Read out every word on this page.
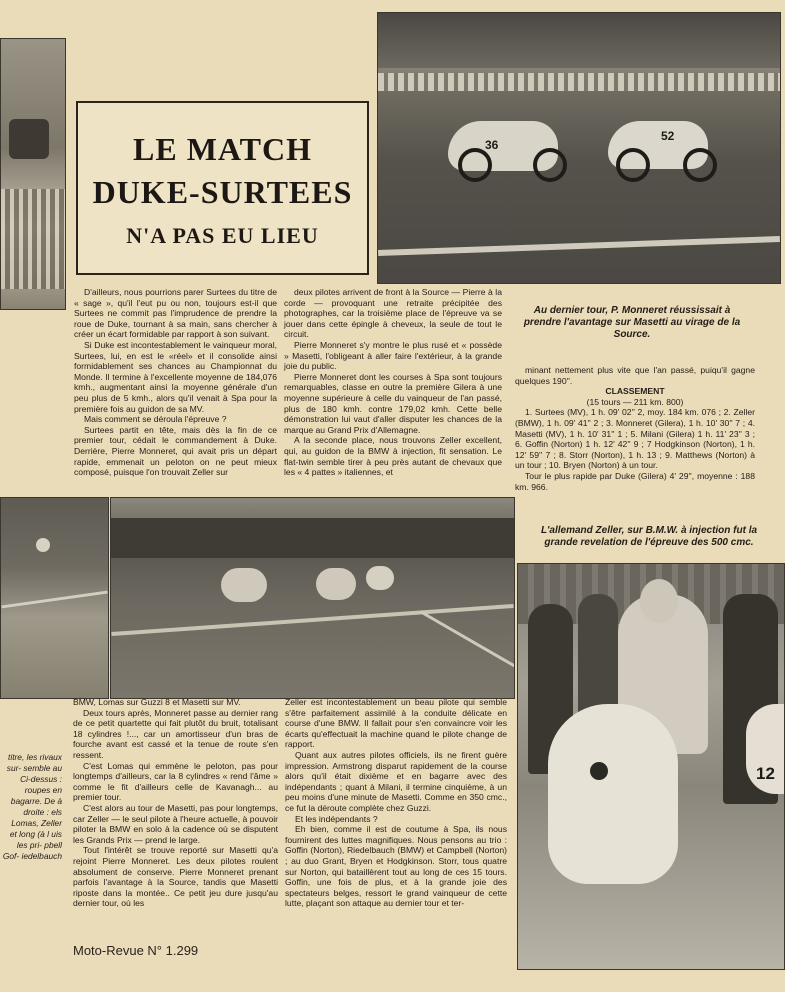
LE MATCH
DUKE-SURTEES
N'A PAS EU LIEU
36
52

D'ailleurs, nous pourrions parer Surtees du titre de « sage », qu'il l'eut pu ou non, toujours est-il que Surtees ne commit pas l'imprudence de prendre la roue de Duke, tournant à sa main, sans chercher à créer un écart formidable par rapport à son suivant.

Si Duke est incontestablement le vainqueur moral, Surtees, lui, en est le «réel» et il consolide ainsi formidablement ses chances au Championnat du Monde. Il termine à l'excellente moyenne de 184,076 kmh., augmentant ainsi la moyenne générale d'un peu plus de 5 kmh., alors qu'il venait à Spa pour la première fois au guidon de sa MV.

Mais comment se déroula l'épreuve ?

Surtees partit en tête, mais dès la fin de ce premier tour, cédait le commandement à Duke. Derrière, Pierre Monneret, qui avait pris un départ rapide, emmenait un peloton on ne peut mieux composé, puisque l'on trouvait Zeller sur

deux pilotes arrivent de front à la Source — Pierre à la corde — provoquant une retraite précipitée des photographes, car la troisième place de l'épreuve va se jouer dans cette épingle à cheveux, la seule de tout le circuit.

Pierre Monneret s'y montre le plus rusé et « possède » Masetti, l'obligeant à aller faire l'extérieur, à la grande joie du public.

Pierre Monneret dont les courses à Spa sont toujours remarquables, classe en outre la première Gilera à une moyenne supérieure à celle du vainqueur de l'an passé, plus de 180 kmh. contre 179,02 kmh. Cette belle démonstration lui vaut d'aller disputer les chances de la marque au Grand Prix d'Allemagne.

A la seconde place, nous trouvons Zeller excellent, qui, au guidon de la BMW à injection, fit sensation. Le flat-twin semble tirer à peu près autant de chevaux que les « 4 pattes » italiennes, et

Au dernier tour, P. Monneret réussissait à prendre l'avantage sur Masetti au virage de la Source.

minant nettement plus vite que l'an passé, puiqu'il gagne quelques 190''.

CLASSEMENT

(15 tours — 211 km. 800)

1. Surtees (MV), 1 h. 09' 02'' 2, moy. 184 km. 076 ; 2. Zeller (BMW), 1 h. 09' 41'' 2 ; 3. Monneret (Gilera), 1 h. 10' 30'' 7 ; 4. Masetti (MV), 1 h. 10' 31'' 1 ; 5. Milani (Gilera) 1 h. 11' 23'' 3 ; 6. Goffin (Norton) 1 h. 12' 42'' 9 ; 7 Hodgkinson (Norton), 1 h. 12' 59'' 7 ; 8. Storr (Norton), 1 h. 13 ; 9. Matthews (Norton) à un tour ; 10. Bryen (Norton) à un tour.

Tour le plus rapide par Duke (Gilera) 4' 29'', moyenne : 188 km. 966.

L'allemand Zeller, sur B.M.W. à injection fut la grande revelation de l'épreuve des 500 cmc.
12
titre, les rivaux sur- semble au Ci-dessus : roupes en bagarre. De à droite : els Lomas, Zeller et long (à l uis les pri- pbell Gof- iedelbauch

BMW, Lomas sur Guzzi 8 et Masetti sur MV.

Deux tours après, Monneret passe au dernier rang de ce petit quartette qui fait plutôt du bruit, totalisant 18 cylindres !..., car un amortisseur d'un bras de fourche avant est cassé et la tenue de route s'en ressent.

C'est Lomas qui emmène le peloton, pas pour longtemps d'ailleurs, car la 8 cylindres « rend l'âme » comme le fit d'ailleurs celle de Kavanagh... au premier tour.

C'est alors au tour de Masetti, pas pour longtemps, car Zeller — le seul pilote à l'heure actuelle, à pouvoir piloter la BMW en solo à la cadence où se disputent les Grands Prix — prend le large.

Tout l'intérêt se trouve reporté sur Masetti qu'a rejoint Pierre Monneret. Les deux pilotes roulent absolument de conserve. Pierre Monneret prenant parfois l'avantage à la Source, tandis que Masetti riposte dans la montée.. Ce petit jeu dure jusqu'au dernier tour, où les

Zeller est incontestablement un beau pilote qui semble s'être parfaitement assimilé à la conduite délicate en course d'une BMW. Il fallait pour s'en convaincre voir les écarts qu'effectuait la machine quand le pilote change de rapport.

Quant aux autres pilotes officiels, ils ne firent guère impression. Armstrong disparut rapidement de la course alors qu'il était dixième et en bagarre avec des indépendants ; quant à Milani, il termine cinquième, à un peu moins d'une minute de Masetti. Comme en 350 cmc., ce fut la déroute complète chez Guzzi.

Et les indépendants ?

Eh bien, comme il est de coutume à Spa, ils nous fournirent des luttes magnifiques. Nous pensons au trio : Goffin (Norton), Riedelbauch (BMW) et Campbell (Norton) ; au duo Grant, Bryen et Hodgkinson. Storr, tous quatre sur Norton, qui bataillèrent tout au long de ces 15 tours. Goffin, une fois de plus, et à la grande joie des spectateurs belges, ressort le grand vainqueur de cette lutte, plaçant son attaque au dernier tour et ter-

Moto-Revue N° 1.299
